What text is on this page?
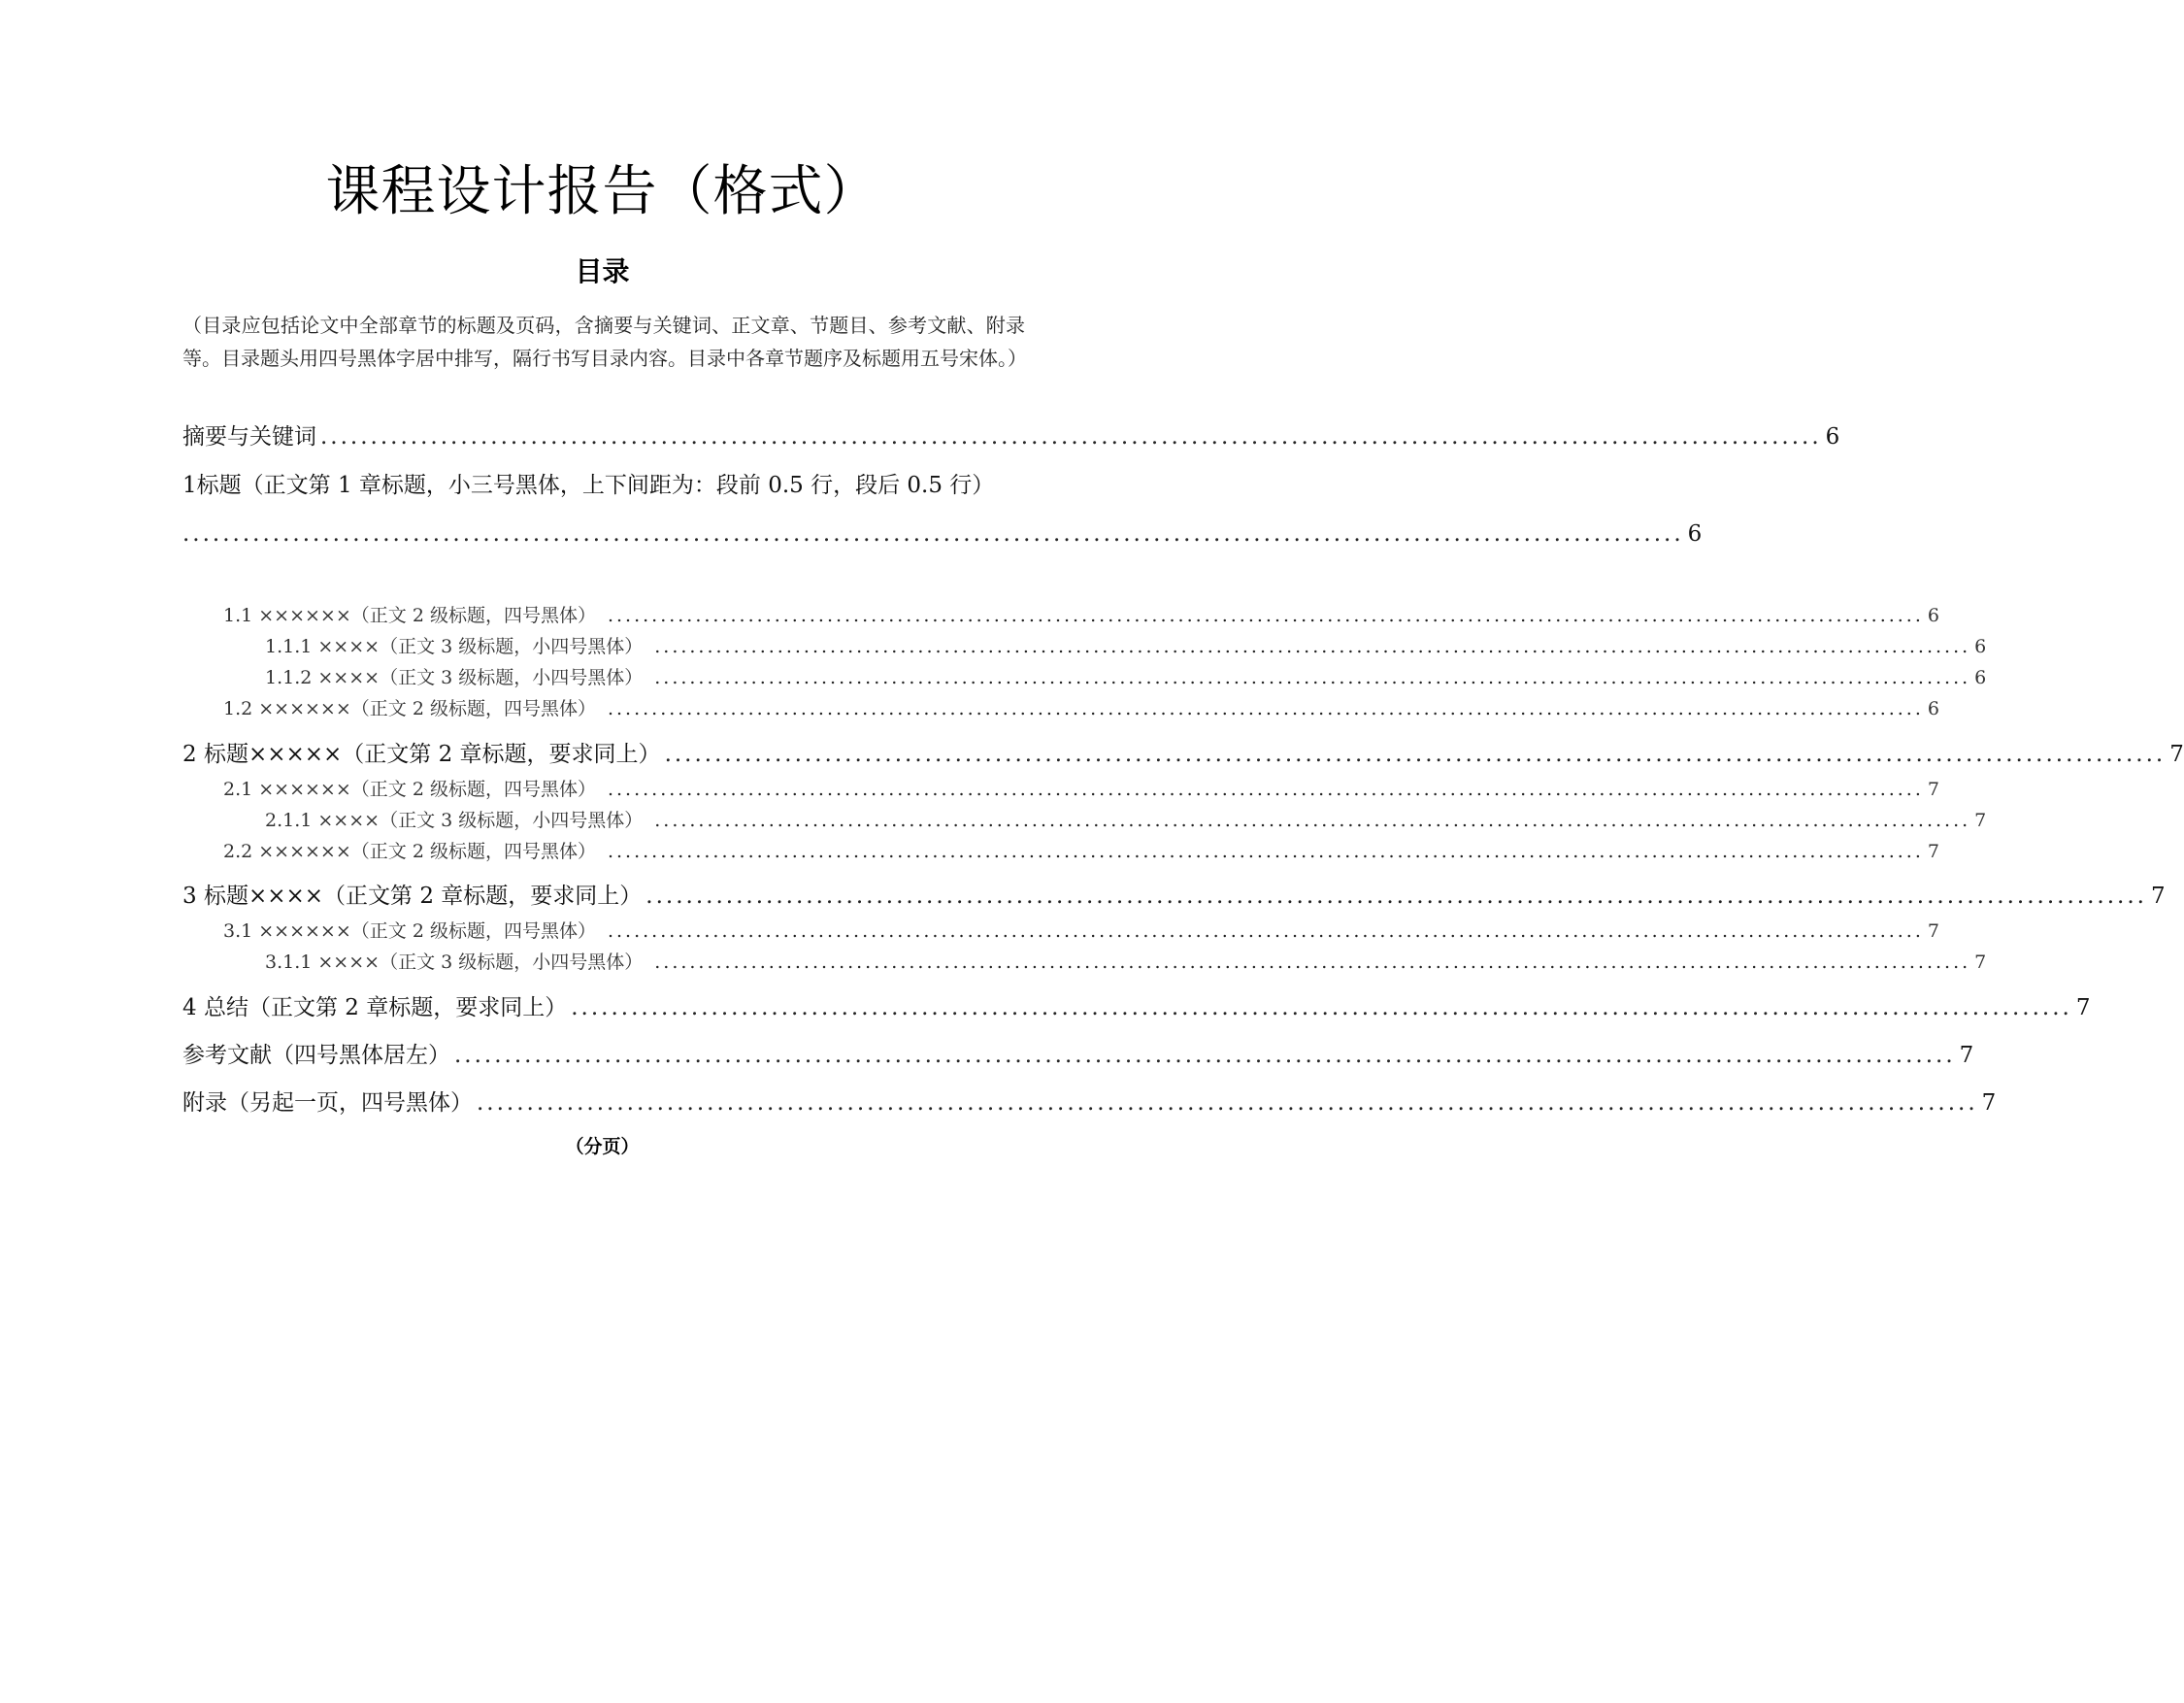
课程设计报告（格式）
目录
（目录应包括论文中全部章节的标题及页码，含摘要与关键词、正文章、节题目、参考文献、附录等。目录题头用四号黑体字居中排写，隔行书写目录内容。目录中各章节题序及标题用五号宋体。）
摘要与关键词 ...................................................................................................................................................... 6
...................................................................................................................................................... 6
1标题（正文第 1 章标题，小三号黑体，上下间距为：段前 0.5 行，段后 0.5 行）
1.1 ××××××（正文 2 级标题，四号黑体） ...................................................................................................................................................... 6
1.1.1 ××××（正文 3 级标题，小四号黑体） ...................................................................................................................................................... 6
1.1.2 ××××（正文 3 级标题，小四号黑体） ...................................................................................................................................................... 6
1.2 ××××××（正文 2 级标题，四号黑体） ...................................................................................................................................................... 6
2 标题×××××（正文第 2 章标题，要求同上） ...................................................................................................................................................... 7
2.1 ××××××（正文 2 级标题，四号黑体） ...................................................................................................................................................... 7
2.1.1 ××××（正文 3 级标题，小四号黑体） ...................................................................................................................................................... 7
2.2 ××××××（正文 2 级标题，四号黑体） ...................................................................................................................................................... 7
3 标题××××（正文第 2 章标题，要求同上） ...................................................................................................................................................... 7
3.1 ××××××（正文 2 级标题，四号黑体） ...................................................................................................................................................... 7
3.1.1 ××××（正文 3 级标题，小四号黑体） ...................................................................................................................................................... 7
4 总结（正文第 2 章标题，要求同上） ...................................................................................................................................................... 7
参考文献（四号黑体居左） ...................................................................................................................................................... 7
附录（另起一页，四号黑体） ...................................................................................................................................................... 7
（分页）
